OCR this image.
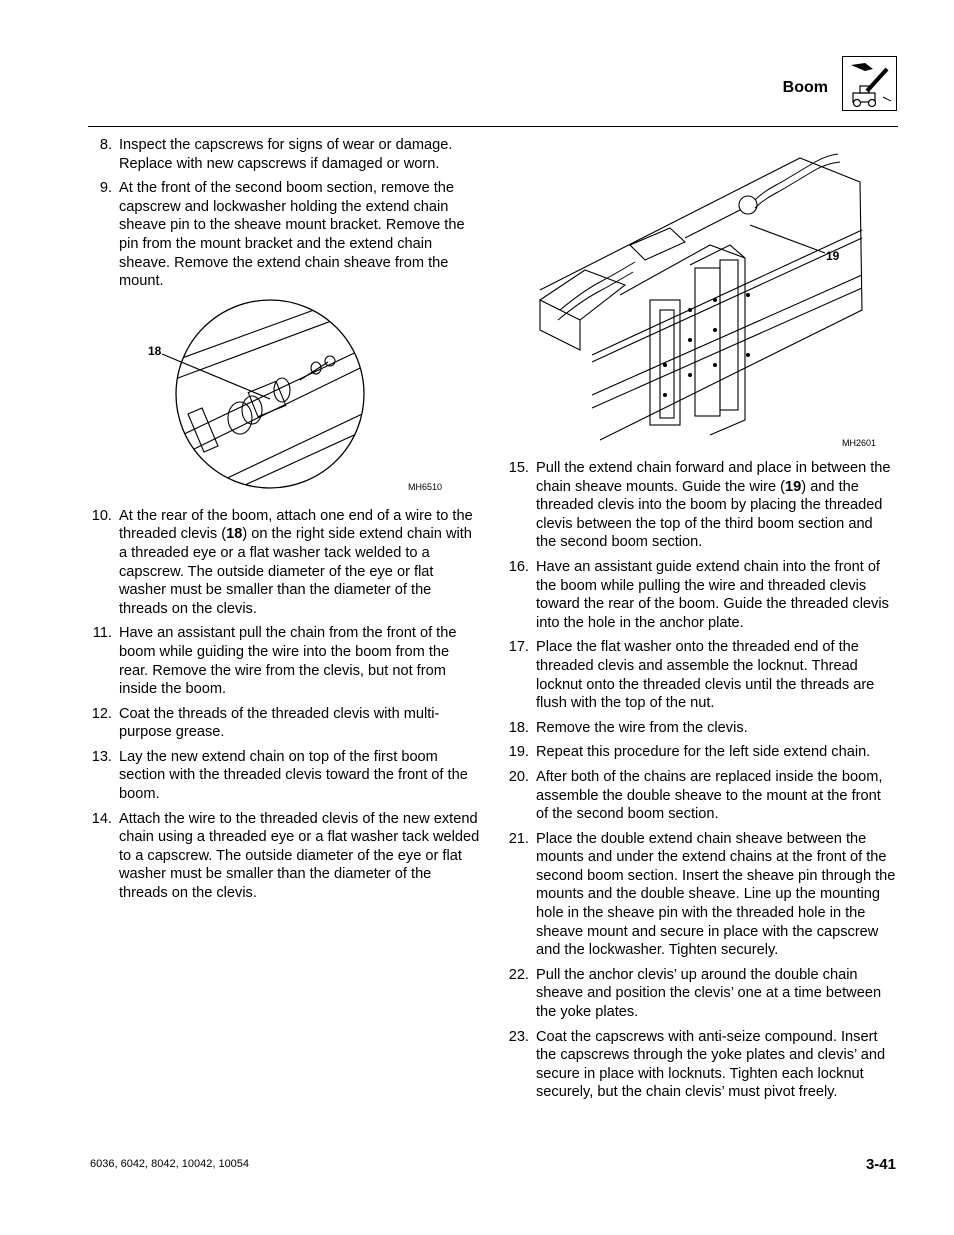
Boom
8. Inspect the capscrews for signs of wear or damage. Replace with new capscrews if damaged or worn.
9. At the front of the second boom section, remove the capscrew and lockwasher holding the extend chain sheave pin to the sheave mount bracket. Remove the pin from the mount bracket and the extend chain sheave. Remove the extend chain sheave from the mount.
10. At the rear of the boom, attach one end of a wire to the threaded clevis (18) on the right side extend chain with a threaded eye or a flat washer tack welded to a capscrew. The outside diameter of the eye or flat washer must be smaller than the diameter of the threads on the clevis.
11. Have an assistant pull the chain from the front of the boom while guiding the wire into the boom from the rear. Remove the wire from the clevis, but not from inside the boom.
12. Coat the threads of the threaded clevis with multi-purpose grease.
13. Lay the new extend chain on top of the first boom section with the threaded clevis toward the front of the boom.
14. Attach the wire to the threaded clevis of the new extend chain using a threaded eye or a flat washer tack welded to a capscrew. The outside diameter of the eye or flat washer must be smaller than the diameter of the threads on the clevis.
18
MH6510
19
MH2601
15. Pull the extend chain forward and place in between the chain sheave mounts. Guide the wire (19) and the threaded clevis into the boom by placing the threaded clevis between the top of the third boom section and the second boom section.
16. Have an assistant guide extend chain into the front of the boom while pulling the wire and threaded clevis toward the rear of the boom. Guide the threaded clevis into the hole in the anchor plate.
17. Place the flat washer onto the threaded end of the threaded clevis and assemble the locknut. Thread locknut onto the threaded clevis until the threads are flush with the top of the nut.
18. Remove the wire from the clevis.
19. Repeat this procedure for the left side extend chain.
20. After both of the chains are replaced inside the boom, assemble the double sheave to the mount at the front of the second boom section.
21. Place the double extend chain sheave between the mounts and under the extend chains at the front of the second boom section. Insert the sheave pin through the mounts and the double sheave. Line up the mounting hole in the sheave pin with the threaded hole in the sheave mount and secure in place with the capscrew and the lockwasher. Tighten securely.
22. Pull the anchor clevis’ up around the double chain sheave and position the clevis’ one at a time between the yoke plates.
23. Coat the capscrews with anti-seize compound. Insert the capscrews through the yoke plates and clevis’ and secure in place with locknuts. Tighten each locknut securely, but the chain clevis’ must pivot freely.
6036, 6042, 8042, 10042, 10054	3-41
